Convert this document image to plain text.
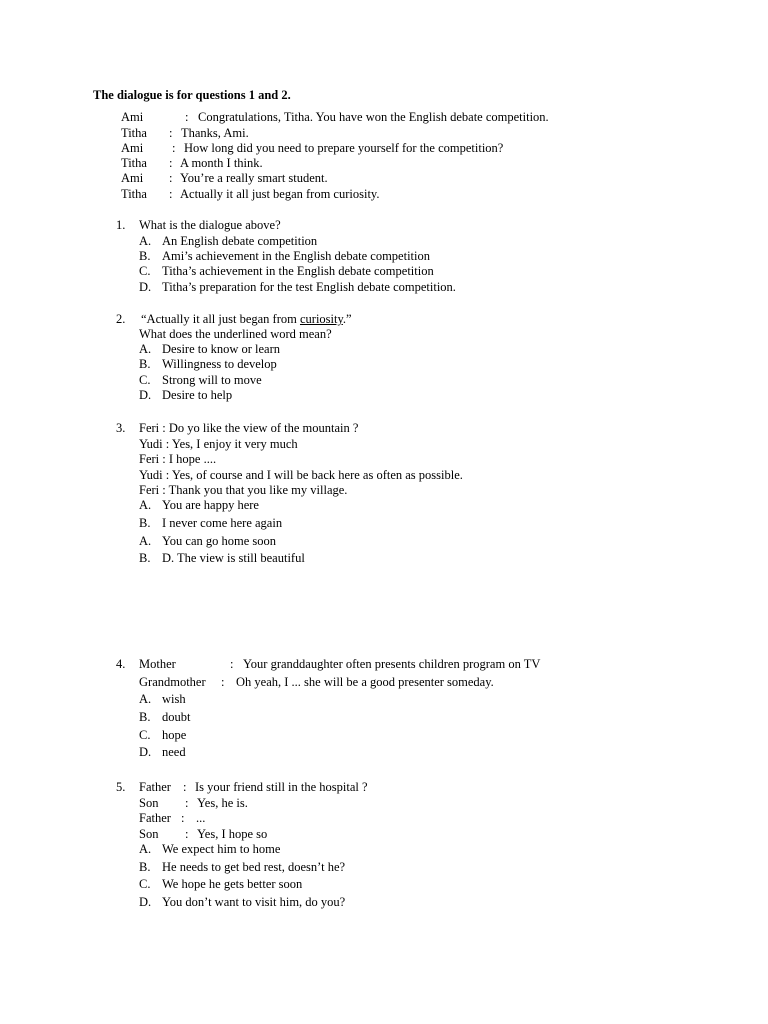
The dialogue is for questions 1 and 2.
Ami	: Congratulations, Titha. You have won the English debate competition.
Titha : Thanks, Ami.
Ami : How long did you need to prepare yourself for the competition?
Titha : A month I think.
Ami : You’re a really smart student.
Titha : Actually it all just began from curiosity.
1. What is the dialogue above?
A. An English debate competition
B. Ami’s achievement in the English debate competition
C. Titha’s achievement in the English debate competition
D. Titha’s preparation for the test English debate competition.
2. “Actually it all just began from curiosity.”
What does the underlined word mean?
A. Desire to know or learn
B. Willingness to develop
C. Strong will to move
D. Desire to help
3. Feri : Do yo like the view of the mountain ?
Yudi : Yes, I enjoy it very much
Feri : I hope ....
Yudi : Yes, of course and I will be back here as often as possible.
Feri : Thank you that you like my village.
A. You are happy here
B. I never come here again
A. You can go home soon
B. D. The view is still beautiful
4. Mother	: Your granddaughter often presents children program on TV
Grandmother : Oh yeah, I ... she will be a good presenter someday.
A. wish
B. doubt
C. hope
D. need
5. Father : Is your friend still in the hospital ?
Son : Yes, he is.
Father : ...
Son : Yes, I hope so
A. We expect him to home
B. He needs to get bed rest, doesn’t he?
C. We hope he gets better soon
D. You don’t want to visit him, do you?
